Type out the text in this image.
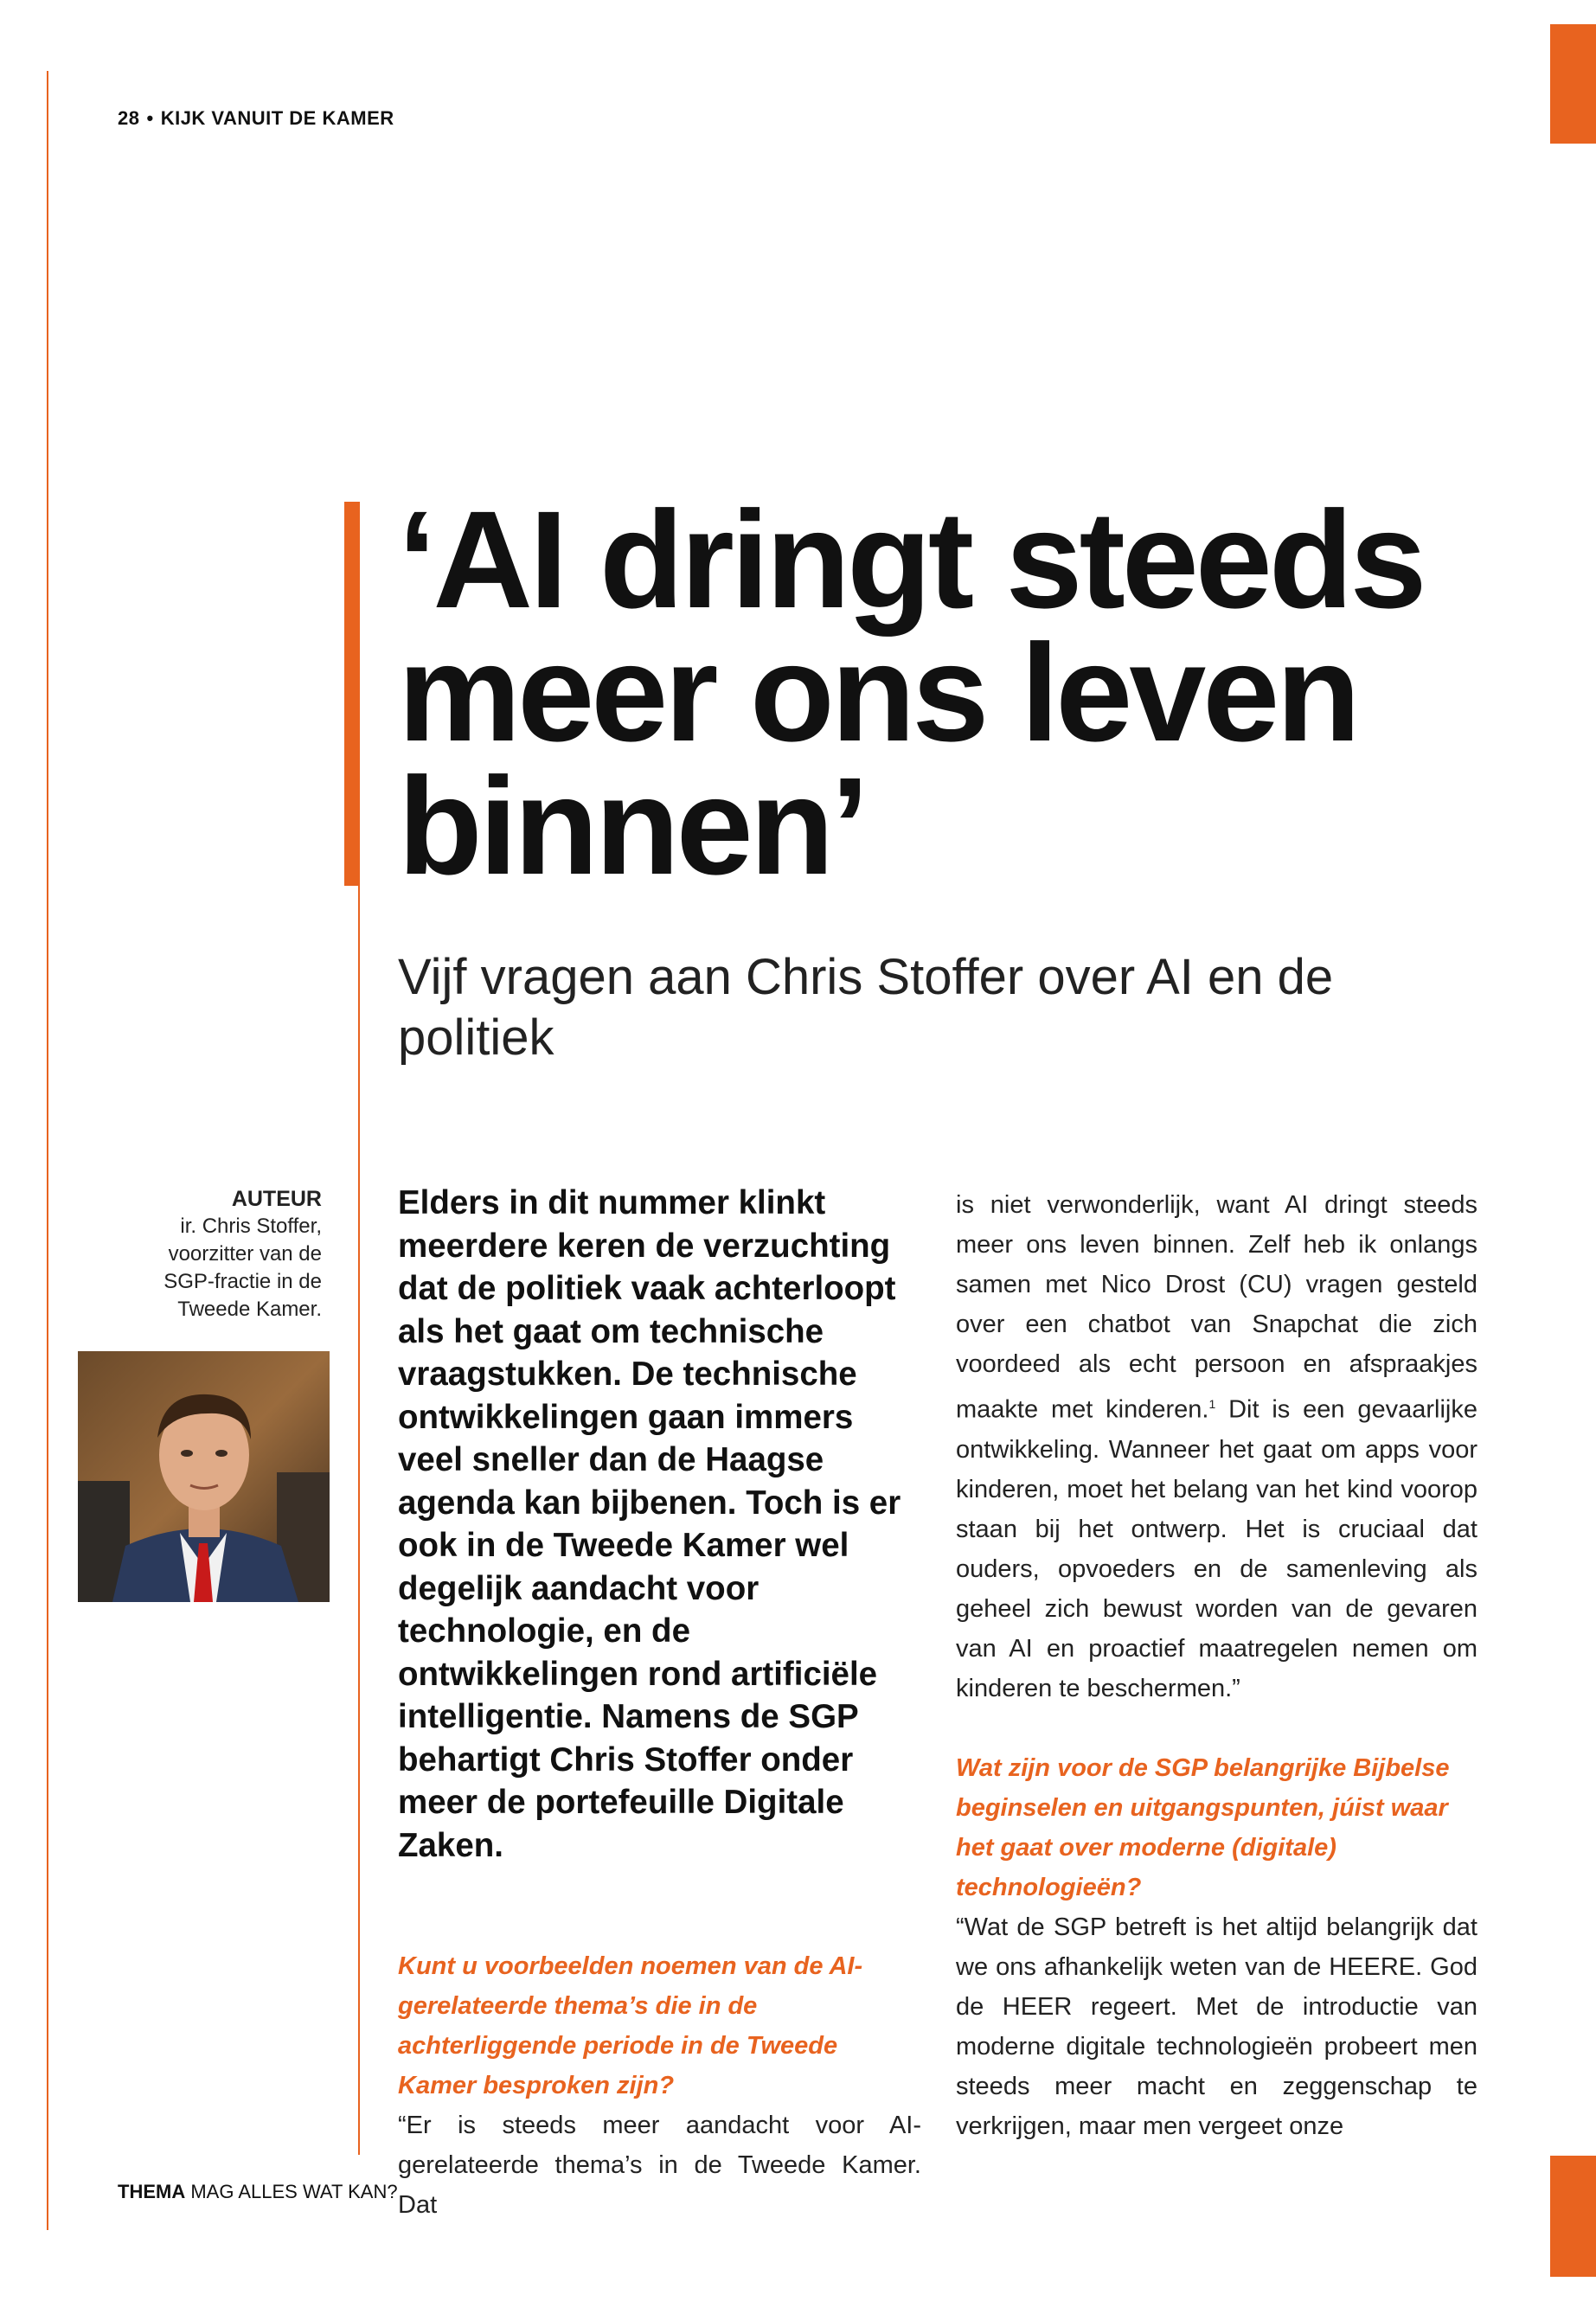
28 • KIJK VANUIT DE KAMER
‘AI dringt steeds meer ons leven binnen’
Vijf vragen aan Chris Stoffer over AI en de politiek
AUTEUR
ir. Chris Stoffer,
voorzitter van de
SGP-fractie in de
Tweede Kamer.

Elders in dit nummer klinkt meerdere keren de verzuchting dat de politiek vaak achterloopt als het gaat om technische vraagstukken. De technische ontwikkelingen gaan immers veel sneller dan de Haagse agenda kan bijbenen. Toch is er ook in de Tweede Kamer wel degelijk aandacht voor technologie, en de ontwikkelingen rond artificiële intelligentie. Namens de SGP behartigt Chris Stoffer onder meer de portefeuille Digitale Zaken.

Kunt u voorbeelden noemen van de AI-gerelateerde thema’s die in de achterliggende periode in de Tweede Kamer besproken zijn?

“Er is steeds meer aandacht voor AI-gerelateerde thema’s in de Tweede Kamer. Dat

is niet verwonderlijk, want AI dringt steeds meer ons leven binnen. Zelf heb ik onlangs samen met Nico Drost (CU) vragen gesteld over een chatbot van Snapchat die zich voordeed als echt persoon en afspraakjes maakte met kinderen.$^1$ Dit is een gevaarlijke ontwikkeling. Wanneer het gaat om apps voor kinderen, moet het belang van het kind voorop staan bij het ontwerp. Het is cruciaal dat ouders, opvoeders en de samenleving als geheel zich bewust worden van de gevaren van AI en proactief maatregelen nemen om kinderen te beschermen.”

Wat zijn voor de SGP belangrijke Bijbelse beginselen en uitgangspunten, júist waar het gaat over moderne (digitale) technologieën?

“Wat de SGP betreft is het altijd belangrijk dat we ons afhankelijk weten van de HEERE. God de HEER regeert. Met de introductie van moderne digitale technologieën probeert men steeds meer macht en zeggenschap te verkrijgen, maar men vergeet onze

THEMA MAG ALLES WAT KAN?
